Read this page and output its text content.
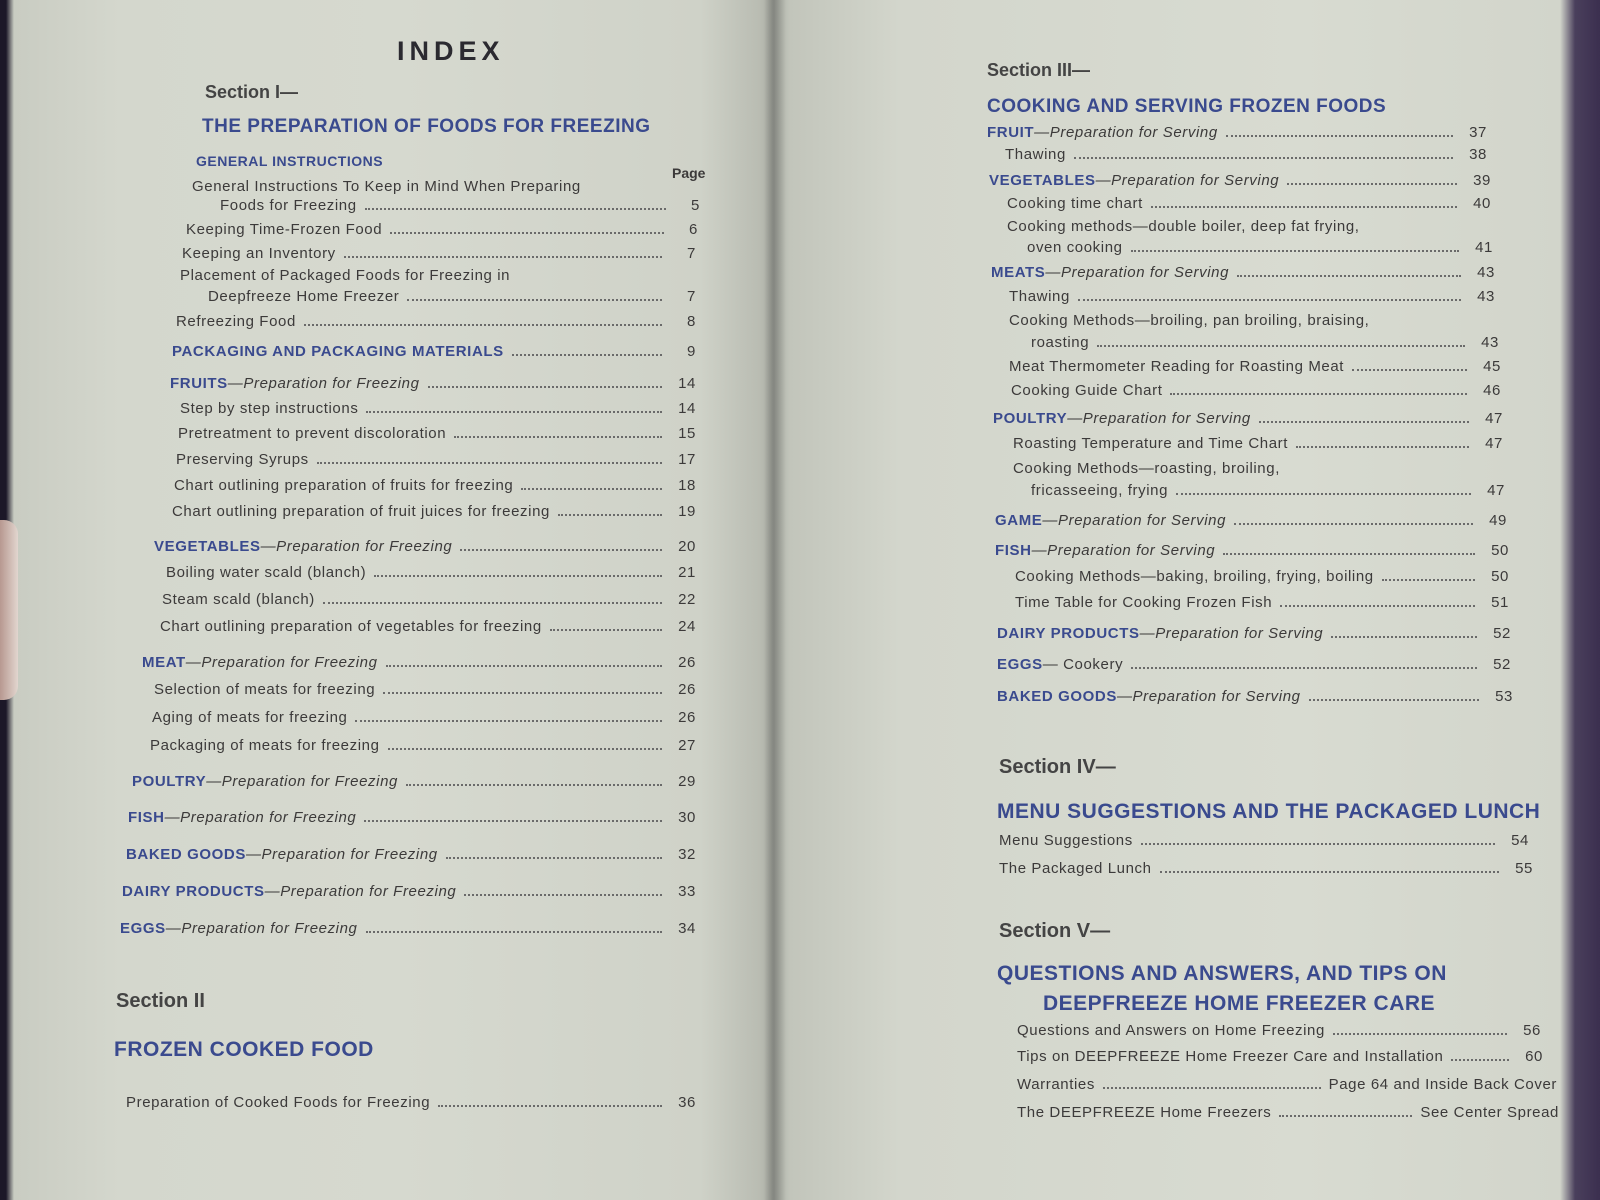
INDEX
Section I—
THE PREPARATION OF FOODS FOR FREEZING
GENERAL INSTRUCTIONS
Page
General Instructions To Keep in Mind When Preparing
Foods for Freezing	5
Keeping Time-Frozen Food	6
Keeping an Inventory	7
Placement of Packaged Foods for Freezing in
Deepfreeze Home Freezer	7
Refreezing Food	8
PACKAGING AND PACKAGING MATERIALS	9
FRUITS —Preparation for Freezing	14
Step by step instructions	14
Pretreatment to prevent discoloration	15
Preserving Syrups	17
Chart outlining preparation of fruits for freezing	18
Chart outlining preparation of fruit juices for freezing	19
VEGETABLES —Preparation for Freezing	20
Boiling water scald (blanch)	21
Steam scald (blanch)	22
Chart outlining preparation of vegetables for freezing	24
MEAT —Preparation for Freezing	26
Selection of meats for freezing	26
Aging of meats for freezing	26
Packaging of meats for freezing	27
POULTRY —Preparation for Freezing	29
FISH —Preparation for Freezing	30
BAKED GOODS —Preparation for Freezing	32
DAIRY PRODUCTS —Preparation for Freezing	33
EGGS —Preparation for Freezing	34
Section II
FROZEN COOKED FOOD
Preparation of Cooked Foods for Freezing	36
Section III—
COOKING AND SERVING FROZEN FOODS
FRUIT —Preparation for Serving	37
Thawing	38
VEGETABLES —Preparation for Serving	39
Cooking time chart	40
Cooking methods—double boiler, deep fat frying,
oven cooking	41
MEATS —Preparation for Serving	43
Thawing	43
Cooking Methods—broiling, pan broiling, braising,
roasting	43
Meat Thermometer Reading for Roasting Meat	45
Cooking Guide Chart	46
POULTRY —Preparation for Serving	47
Roasting Temperature and Time Chart	47
Cooking Methods—roasting, broiling,
fricasseeing, frying	47
GAME —Preparation for Serving	49
FISH —Preparation for Serving	50
Cooking Methods—baking, broiling, frying, boiling	50
Time Table for Cooking Frozen Fish	51
DAIRY PRODUCTS —Preparation for Serving	52
EGGS — Cookery	52
BAKED GOODS —Preparation for Serving	53
Section IV—
MENU SUGGESTIONS AND THE PACKAGED LUNCH
Menu Suggestions	54
The Packaged Lunch	55
Section V—
QUESTIONS AND ANSWERS, AND TIPS ON
DEEPFREEZE HOME FREEZER CARE
Questions and Answers on Home Freezing	56
Tips on DEEPFREEZE Home Freezer Care and Installation	60
Warranties	Page 64 and Inside Back Cover
The DEEPFREEZE Home Freezers	See Center Spread
